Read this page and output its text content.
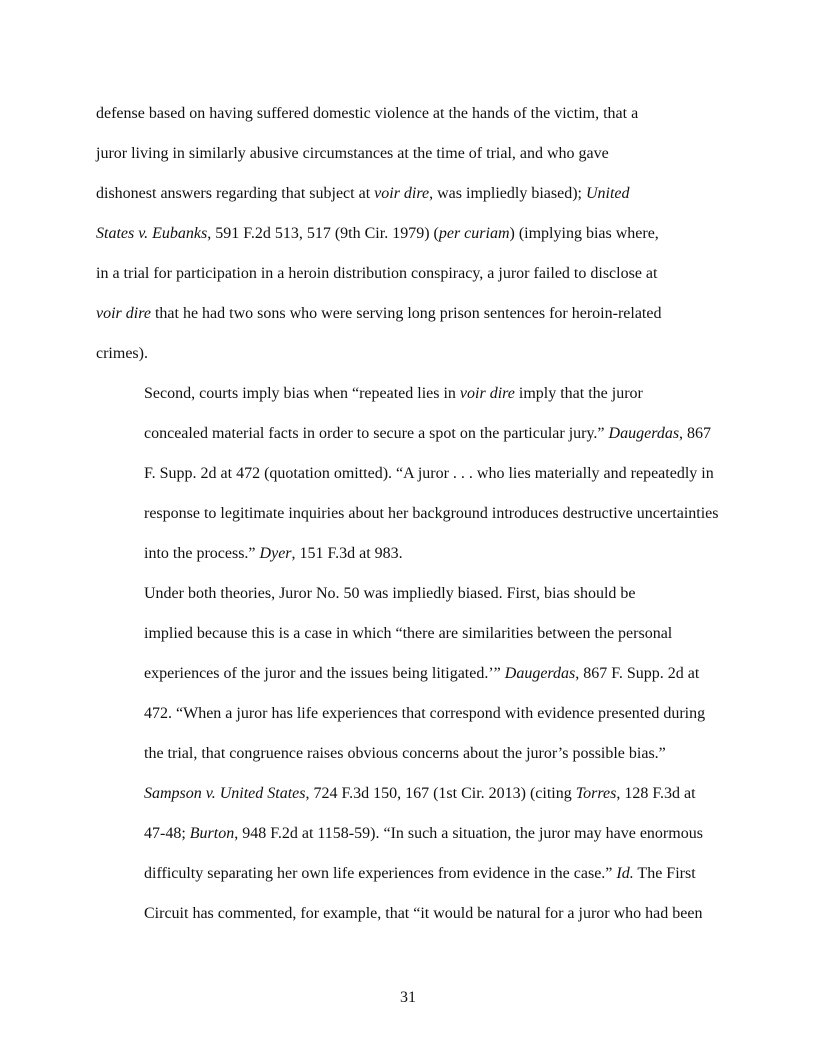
defense based on having suffered domestic violence at the hands of the victim, that a
juror living in similarly abusive circumstances at the time of trial, and who gave
dishonest answers regarding that subject at voir dire, was impliedly biased); United
States v. Eubanks, 591 F.2d 513, 517 (9th Cir. 1979) (per curiam) (implying bias where,
in a trial for participation in a heroin distribution conspiracy, a juror failed to disclose at
voir dire that he had two sons who were serving long prison sentences for heroin-related
crimes).

Second, courts imply bias when “repeated lies in voir dire imply that the juror
concealed material facts in order to secure a spot on the particular jury.” Daugerdas, 867
F. Supp. 2d at 472 (quotation omitted). “A juror . . . who lies materially and repeatedly in
response to legitimate inquiries about her background introduces destructive uncertainties
into the process.” Dyer, 151 F.3d at 983.

Under both theories, Juror No. 50 was impliedly biased. First, bias should be
implied because this is a case in which “there are similarities between the personal
experiences of the juror and the issues being litigated.’” Daugerdas, 867 F. Supp. 2d at
472. “When a juror has life experiences that correspond with evidence presented during
the trial, that congruence raises obvious concerns about the juror’s possible bias.”
Sampson v. United States, 724 F.3d 150, 167 (1st Cir. 2013) (citing Torres, 128 F.3d at
47-48; Burton, 948 F.2d at 1158-59). “In such a situation, the juror may have enormous
difficulty separating her own life experiences from evidence in the case.” Id. The First
Circuit has commented, for example, that “it would be natural for a juror who had been

31
